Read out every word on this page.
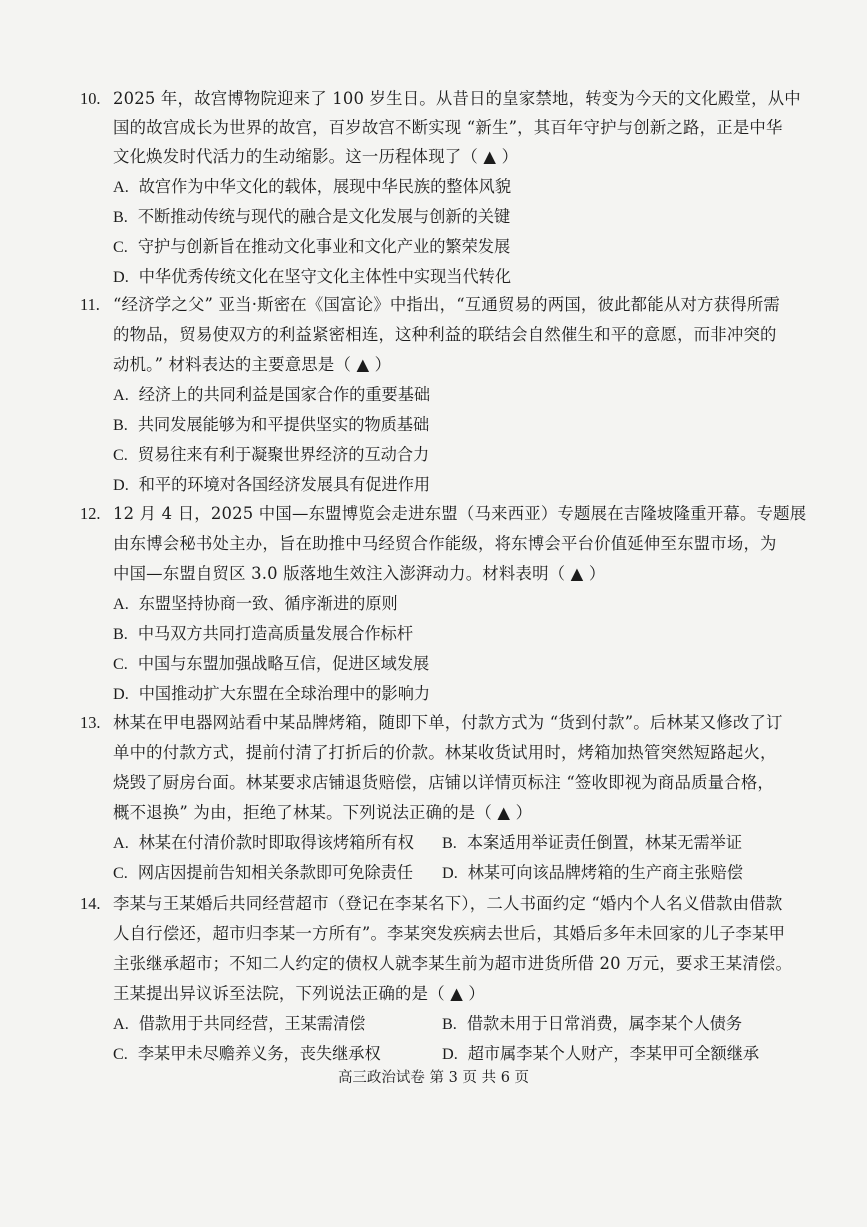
10. 2025 年，故宫博物院迎来了 100 岁生日。从昔日的皇家禁地，转变为今天的文化殿堂，从中
国的故宫成长为世界的故宫，百岁故宫不断实现 “新生”，其百年守护与创新之路，正是中华
文化焕发时代活力的生动缩影。这一历程体现了（ ▲ ）
A. 故宫作为中华文化的载体，展现中华民族的整体风貌
B. 不断推动传统与现代的融合是文化发展与创新的关键
C. 守护与创新旨在推动文化事业和文化产业的繁荣发展
D. 中华优秀传统文化在坚守文化主体性中实现当代转化
11. “经济学之父” 亚当·斯密在《国富论》中指出，“互通贸易的两国，彼此都能从对方获得所需
的物品，贸易使双方的利益紧密相连，这种利益的联结会自然催生和平的意愿，而非冲突的
动机。” 材料表达的主要意思是（ ▲ ）
A. 经济上的共同利益是国家合作的重要基础
B. 共同发展能够为和平提供坚实的物质基础
C. 贸易往来有利于凝聚世界经济的互动合力
D. 和平的环境对各国经济发展具有促进作用
12. 12 月 4 日，2025 中国—东盟博览会走进东盟（马来西亚）专题展在吉隆坡隆重开幕。专题展
由东博会秘书处主办，旨在助推中马经贸合作能级，将东博会平台价值延伸至东盟市场，为
中国—东盟自贸区 3.0 版落地生效注入澎湃动力。材料表明（ ▲ ）
A. 东盟坚持协商一致、循序渐进的原则
B. 中马双方共同打造高质量发展合作标杆
C. 中国与东盟加强战略互信，促进区域发展
D. 中国推动扩大东盟在全球治理中的影响力
13. 林某在甲电器网站看中某品牌烤箱，随即下单，付款方式为 “货到付款”。后林某又修改了订
单中的付款方式，提前付清了打折后的价款。林某收货试用时，烤箱加热管突然短路起火，
烧毁了厨房台面。林某要求店铺退货赔偿，店铺以详情页标注 “签收即视为商品质量合格，
概不退换” 为由，拒绝了林某。下列说法正确的是（ ▲ ）
A. 林某在付清价款时即取得该烤箱所有权 B. 本案适用举证责任倒置，林某无需举证
C. 网店因提前告知相关条款即可免除责任 D. 林某可向该品牌烤箱的生产商主张赔偿
14. 李某与王某婚后共同经营超市（登记在李某名下），二人书面约定 “婚内个人名义借款由借款
人自行偿还，超市归李某一方所有”。李某突发疾病去世后，其婚后多年未回家的儿子李某甲
主张继承超市；不知二人约定的债权人就李某生前为超市进货所借 20 万元，要求王某清偿。
王某提出异议诉至法院，下列说法正确的是（ ▲ ）
A. 借款用于共同经营，王某需清偿	B. 借款未用于日常消费，属李某个人债务
C. 李某甲未尽赡养义务，丧失继承权	D. 超市属李某个人财产，李某甲可全额继承
高三政治试卷 第 3 页 共 6 页
